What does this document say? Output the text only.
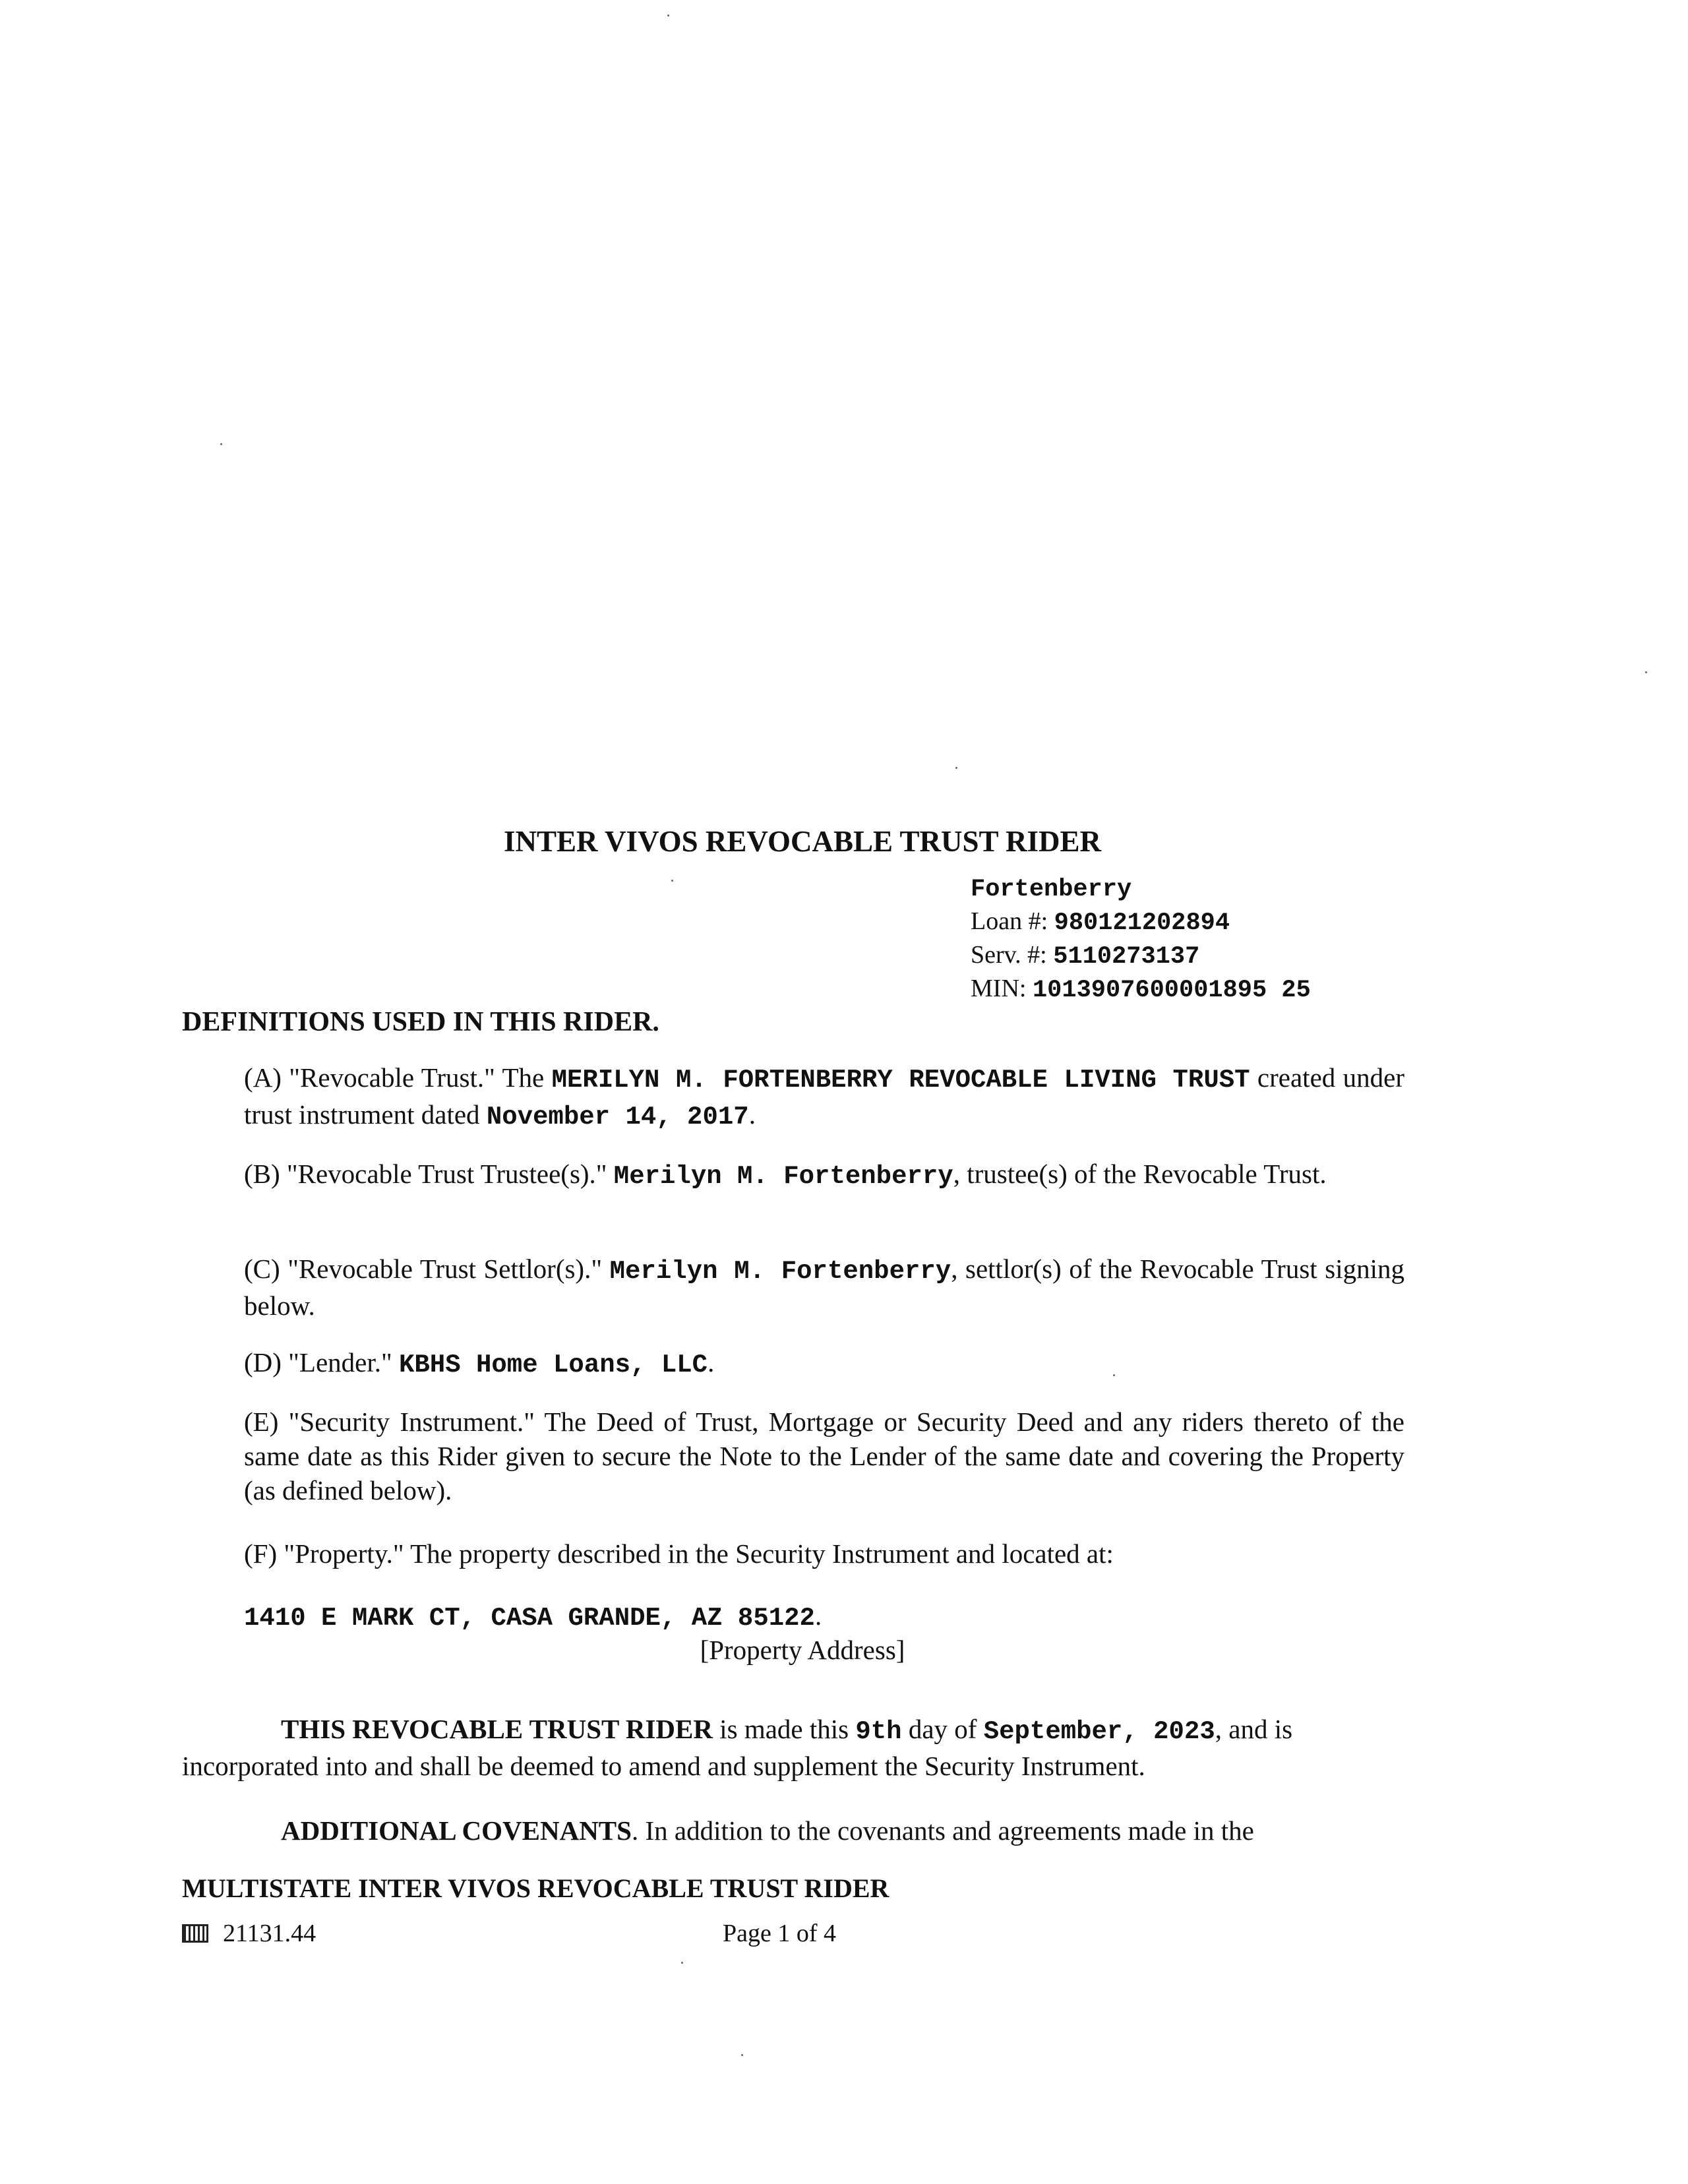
INTER VIVOS REVOCABLE TRUST RIDER
Fortenberry
Loan #: 980121202894
Serv. #: 5110273137
MIN: 1013907600001895 25
DEFINITIONS USED IN THIS RIDER.
(A) "Revocable Trust." The MERILYN M. FORTENBERRY REVOCABLE LIVING TRUST created under trust instrument dated November 14, 2017.
(B) "Revocable Trust Trustee(s)." Merilyn M. Fortenberry, trustee(s) of the Revocable Trust.
(C) "Revocable Trust Settlor(s)." Merilyn M. Fortenberry, settlor(s) of the Revocable Trust signing below.
(D) "Lender." KBHS Home Loans, LLC.
(E) "Security Instrument." The Deed of Trust, Mortgage or Security Deed and any riders thereto of the same date as this Rider given to secure the Note to the Lender of the same date and covering the Property (as defined below).
(F) "Property." The property described in the Security Instrument and located at:
1410 E MARK CT, CASA GRANDE, AZ 85122.
[Property Address]
THIS REVOCABLE TRUST RIDER is made this 9th day of September, 2023, and is incorporated into and shall be deemed to amend and supplement the Security Instrument.
ADDITIONAL COVENANTS. In addition to the covenants and agreements made in the
MULTISTATE INTER VIVOS REVOCABLE TRUST RIDER
21131.44	Page 1 of 4
